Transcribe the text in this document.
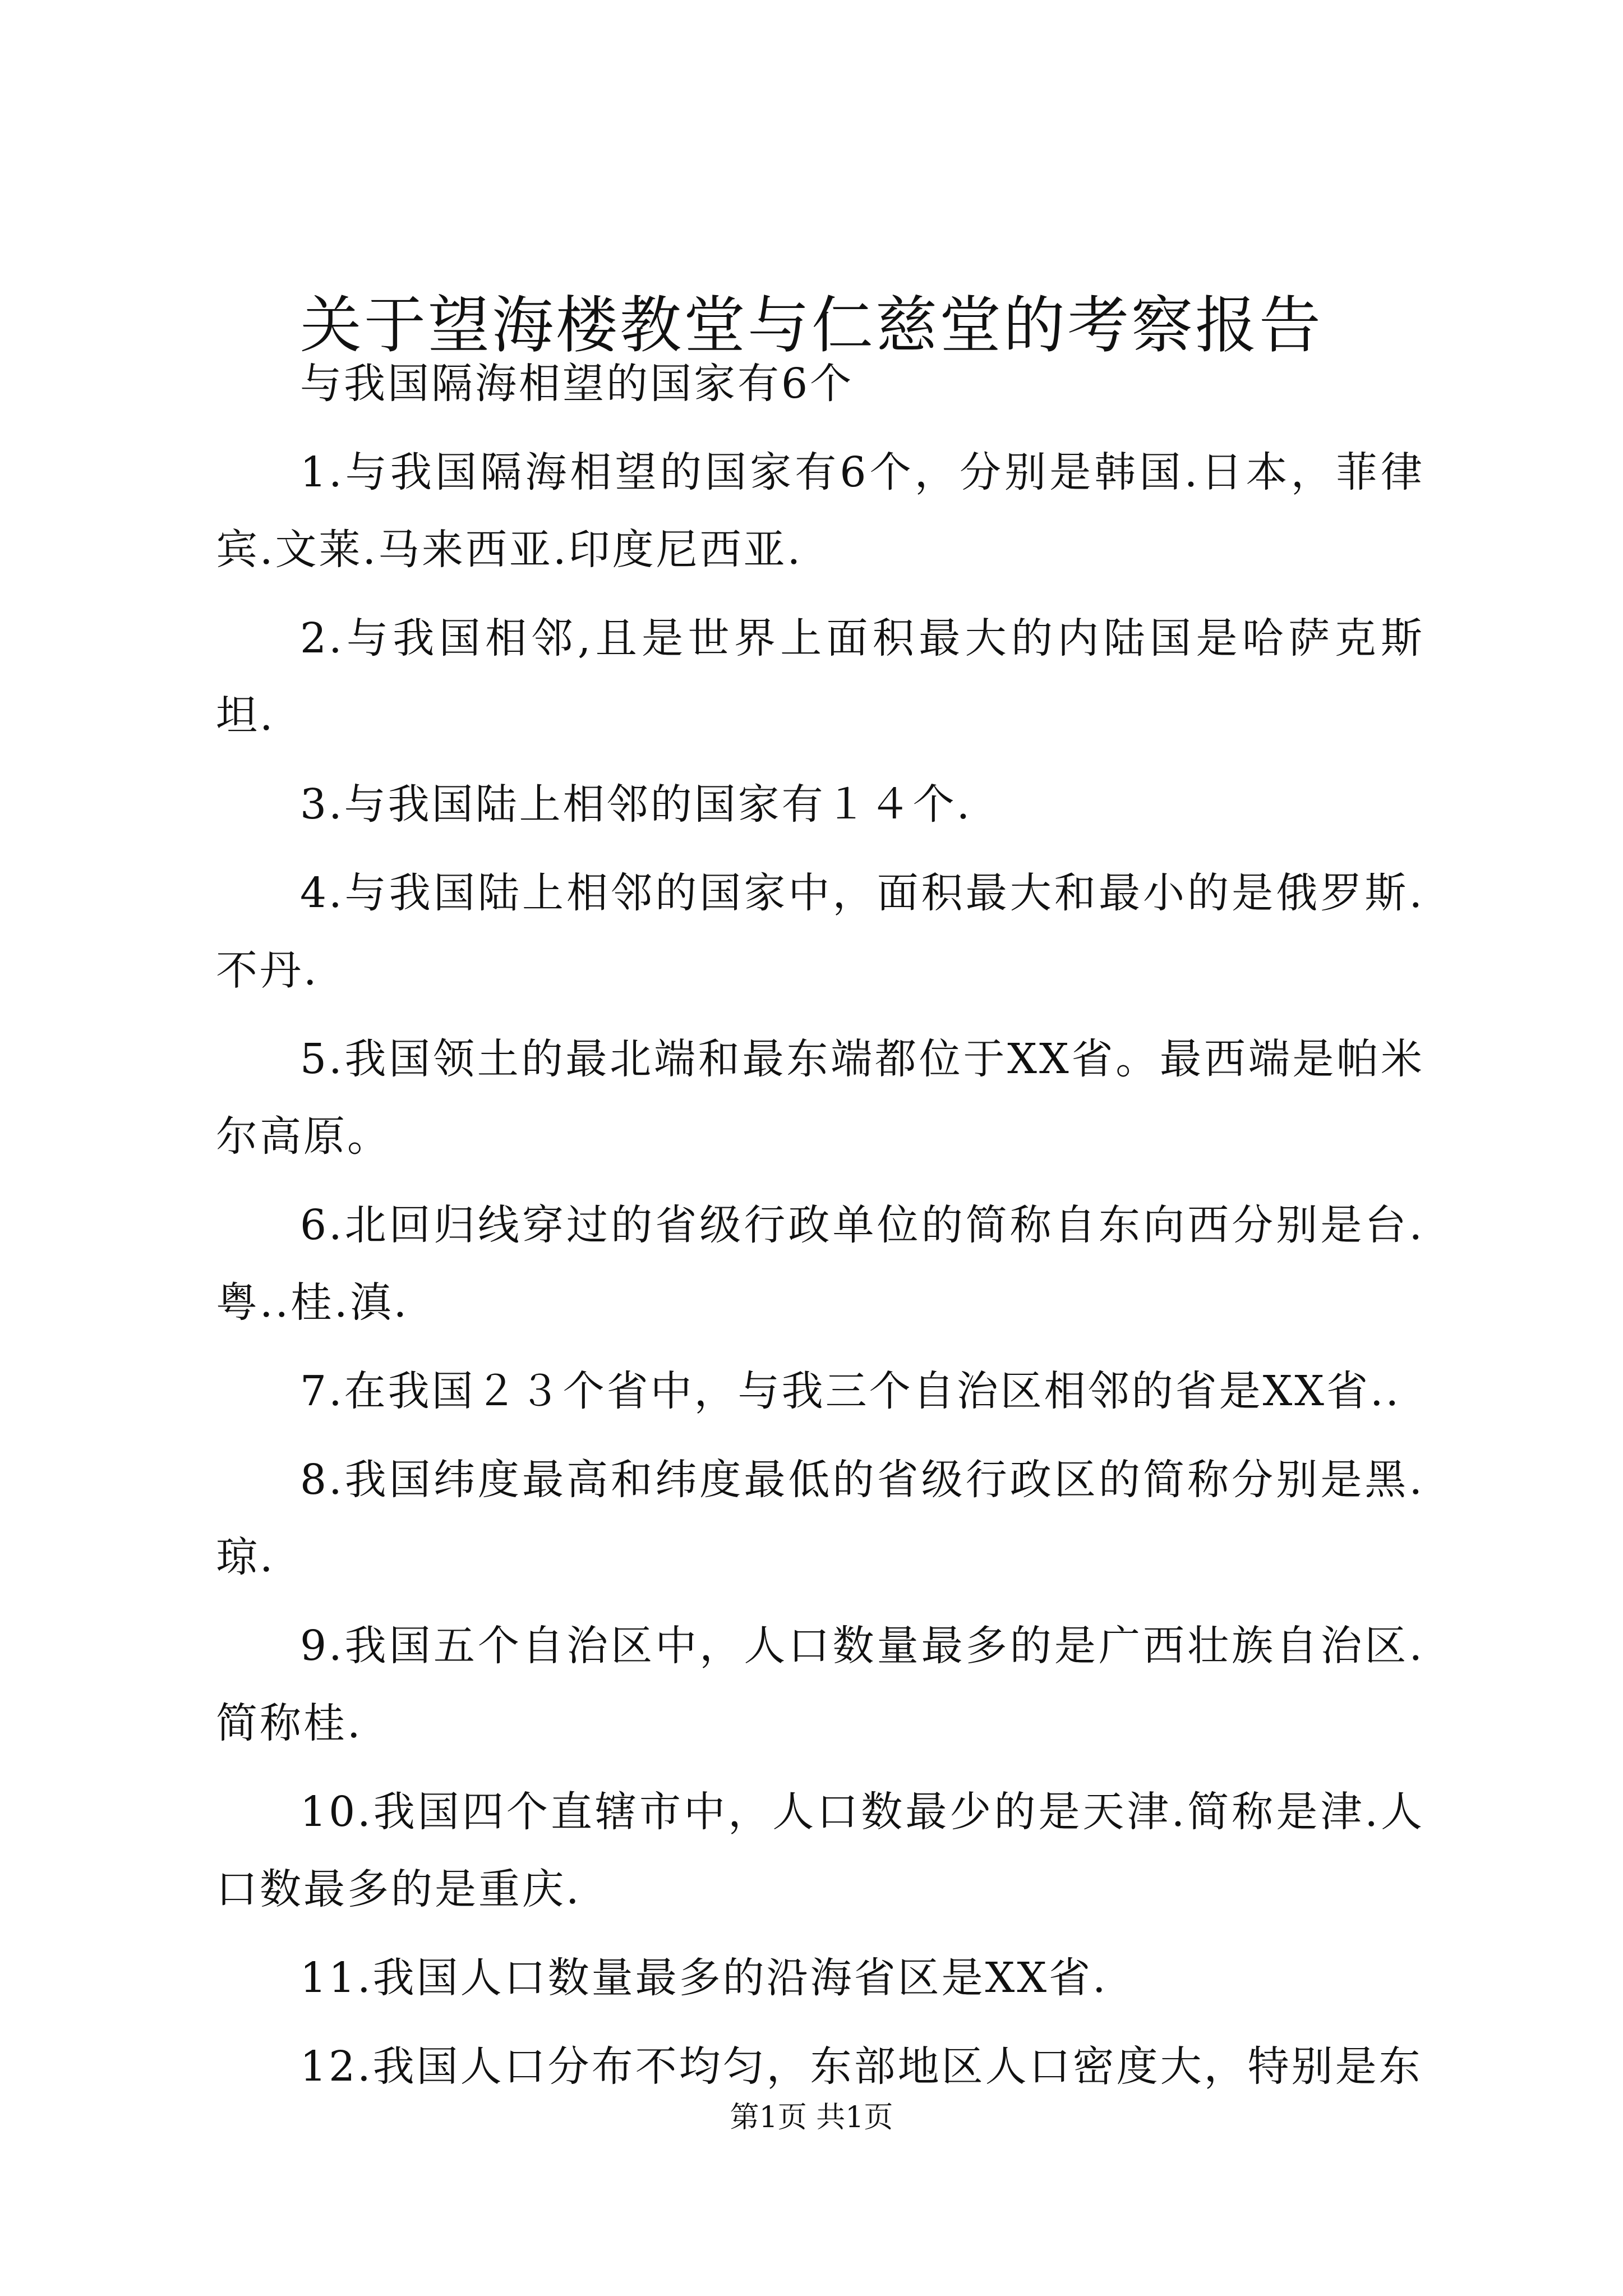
关于望海楼教堂与仁慈堂的考察报告

与我国隔海相望的国家有6个

1.与我国隔海相望的国家有6个，分别是韩国.日本，菲律宾.文莱.马来西亚.印度尼西亚.

2.与我国相邻,且是世界上面积最大的内陆国是哈萨克斯坦.

3.与我国陆上相邻的国家有１４个.

4.与我国陆上相邻的国家中，面积最大和最小的是俄罗斯.不丹.

5.我国领土的最北端和最东端都位于XX省。最西端是帕米尔高原。

6.北回归线穿过的省级行政单位的简称自东向西分别是台.粤..桂.滇.

7.在我国２３个省中，与我三个自治区相邻的省是XX省..

8.我国纬度最高和纬度最低的省级行政区的简称分别是黑.琼.

9.我国五个自治区中，人口数量最多的是广西壮族自治区.简称桂.

10.我国四个直辖市中，人口数最少的是天津.简称是津.人口数最多的是重庆.

11.我国人口数量最多的沿海省区是XX省.

12.我国人口分布不均匀，东部地区人口密度大，特别是东

第1页 共1页
